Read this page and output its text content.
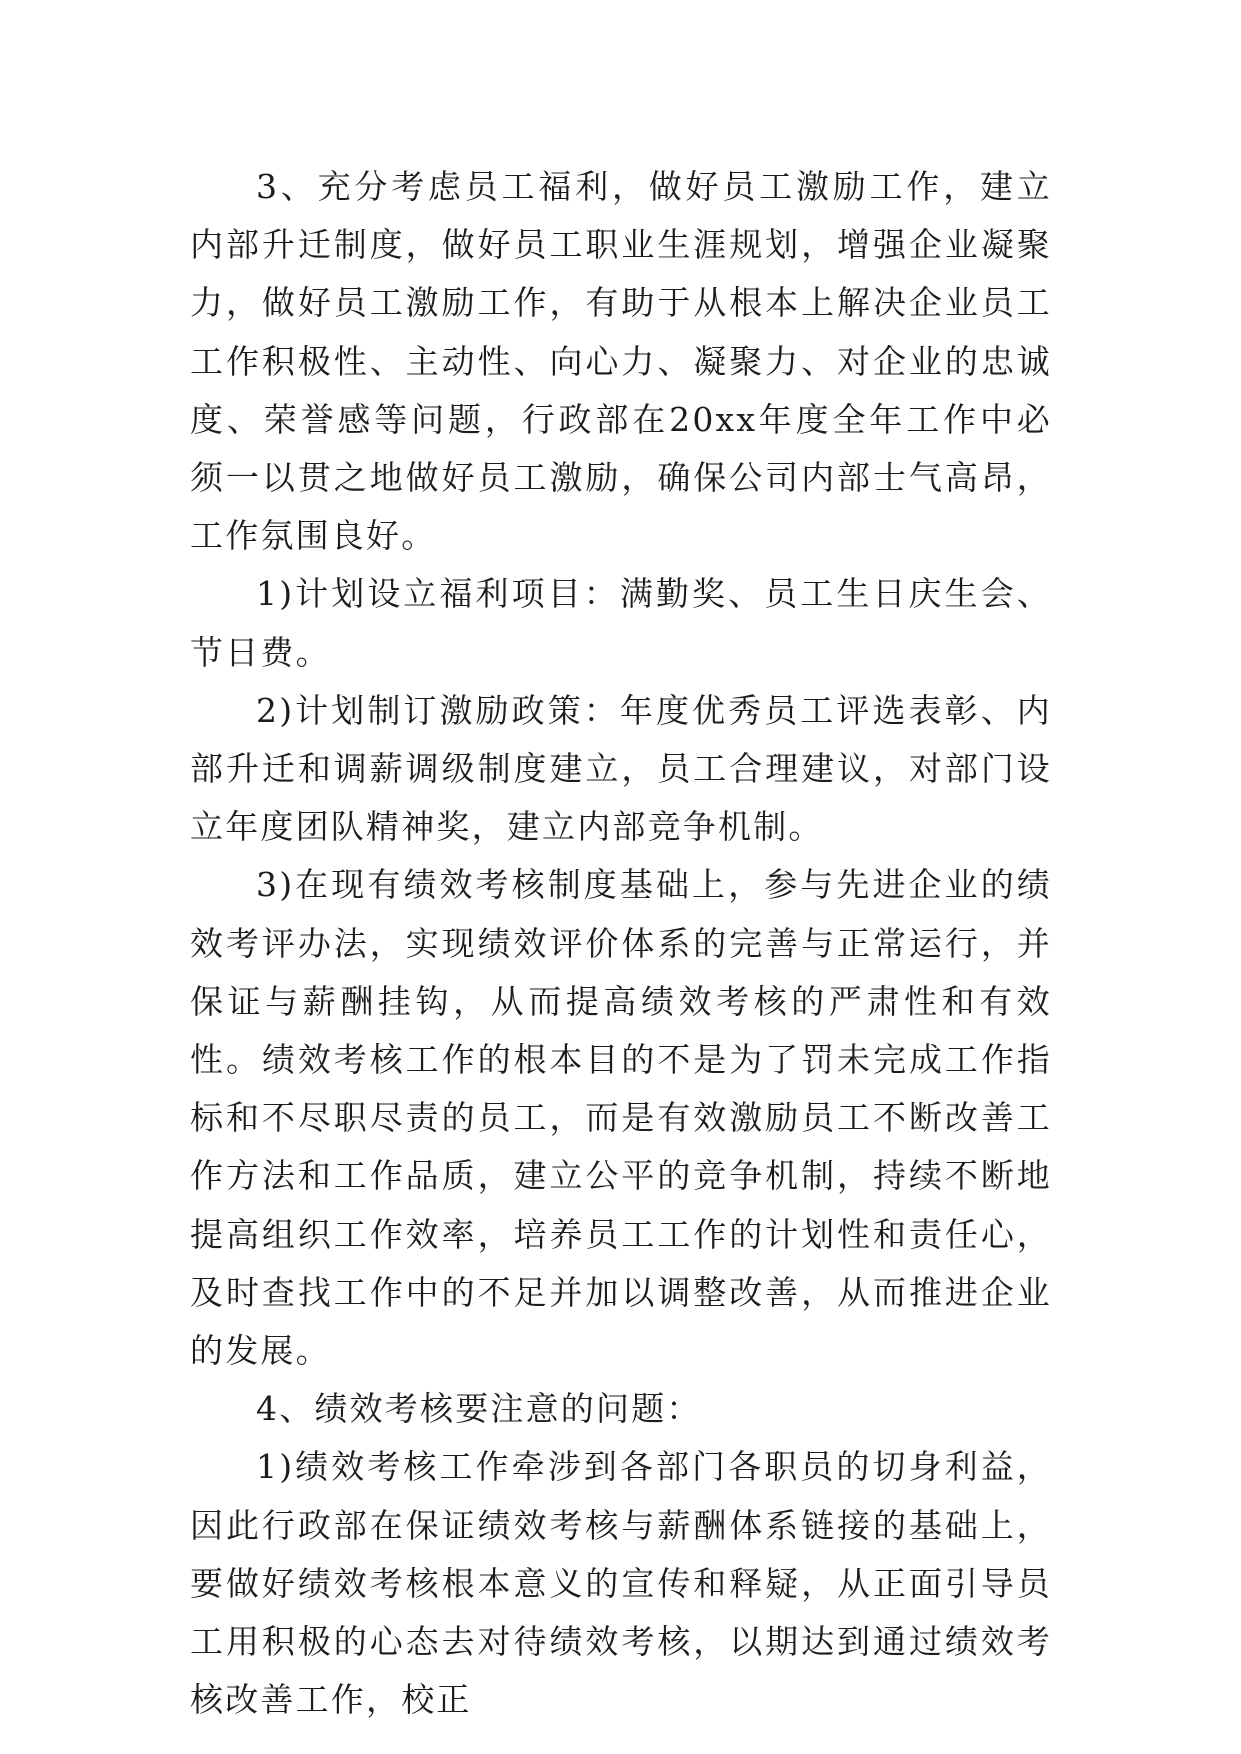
3、充分考虑员工福利，做好员工激励工作，建立内部升迁制度，做好员工职业生涯规划，增强企业凝聚力，做好员工激励工作，有助于从根本上解决企业员工工作积极性、主动性、向心力、凝聚力、对企业的忠诚度、荣誉感等问题，行政部在20xx年度全年工作中必须一以贯之地做好员工激励，确保公司内部士气高昂，工作氛围良好。

1)计划设立福利项目：满勤奖、员工生日庆生会、节日费。

2)计划制订激励政策：年度优秀员工评选表彰、内部升迁和调薪调级制度建立，员工合理建议，对部门设立年度团队精神奖，建立内部竞争机制。

3)在现有绩效考核制度基础上，参与先进企业的绩效考评办法，实现绩效评价体系的完善与正常运行，并保证与薪酬挂钩，从而提高绩效考核的严肃性和有效性。绩效考核工作的根本目的不是为了罚未完成工作指标和不尽职尽责的员工，而是有效激励员工不断改善工作方法和工作品质，建立公平的竞争机制，持续不断地提高组织工作效率，培养员工工作的计划性和责任心，及时查找工作中的不足并加以调整改善，从而推进企业的发展。

4、绩效考核要注意的问题：

1)绩效考核工作牵涉到各部门各职员的切身利益，因此行政部在保证绩效考核与薪酬体系链接的基础上，要做好绩效考核根本意义的宣传和释疑，从正面引导员工用积极的心态去对待绩效考核，以期达到通过绩效考核改善工作，校正
